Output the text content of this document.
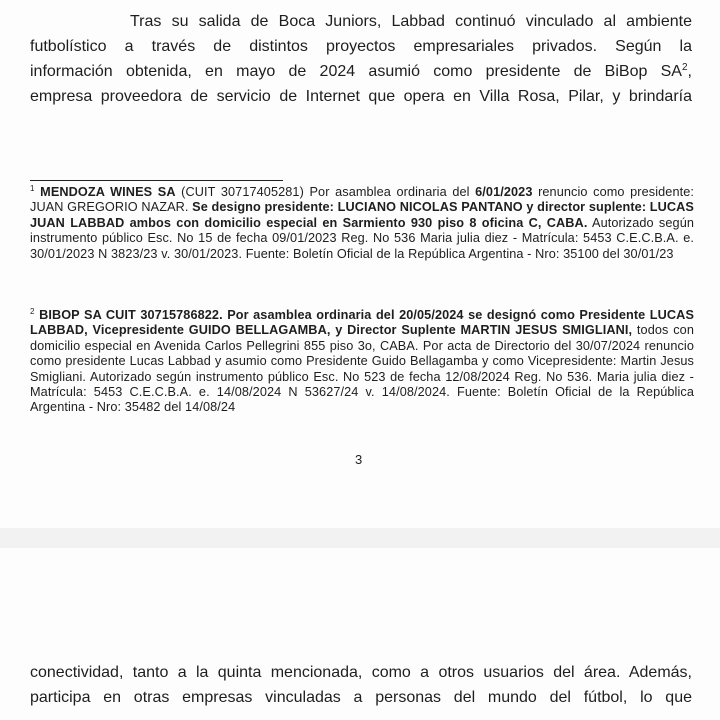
Tras su salida de Boca Juniors, Labbad continuó vinculado al ambiente
futbolístico a través de distintos proyectos empresariales privados. Según la
información obtenida, en mayo de 2024 asumió como presidente de BiBop $SA^2$,
empresa proveedora de servicio de Internet que opera en Villa Rosa, Pilar, y brindaría
$^1$ MENDOZA WINES SA (CUIT 30717405281) Por asamblea ordinaria del 6/01/2023 renuncio como presidente: JUAN GREGORIO NAZAR. Se designo presidente: LUCIANO NICOLAS PANTANO y director suplente: LUCAS JUAN LABBAD ambos con domicilio especial en Sarmiento 930 piso 8 oficina C, CABA. Autorizado según instrumento público Esc. No 15 de fecha 09/01/2023 Reg. No 536 Maria julia diez - Matrícula: 5453 C.E.C.B.A. e. 30/01/2023 N 3823/23 v. 30/01/2023. Fuente: Boletín Oficial de la República Argentina - Nro: 35100 del 30/01/23
$^2$ BIBOP SA CUIT 30715786822. Por asamblea ordinaria del 20/05/2024 se designó como Presidente LUCAS LABBAD, Vicepresidente GUIDO BELLAGAMBA, y Director Suplente MARTIN JESUS SMIGLIANI, todos con domicilio especial en Avenida Carlos Pellegrini 855 piso 3o, CABA. Por acta de Directorio del 30/07/2024 renuncio como presidente Lucas Labbad y asumio como Presidente Guido Bellagamba y como Vicepresidente: Martin Jesus Smigliani. Autorizado según instrumento público Esc. No 523 de fecha 12/08/2024 Reg. No 536. Maria julia diez - Matrícula: 5453 C.E.C.B.A. e. 14/08/2024 N 53627/24 v. 14/08/2024. Fuente: Boletín Oficial de la República Argentina - Nro: 35482 del 14/08/24
3
conectividad, tanto a la quinta mencionada, como a otros usuarios del área. Además,
participa en otras empresas vinculadas a personas del mundo del fútbol, lo que
